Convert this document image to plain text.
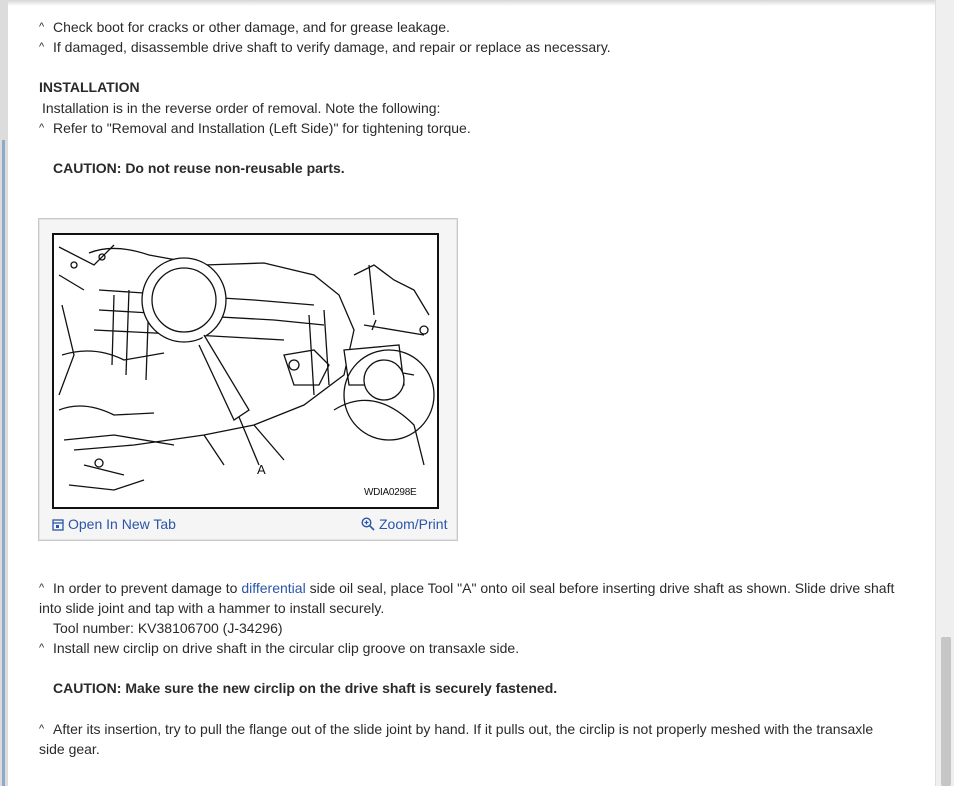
^ Check boot for cracks or other damage, and for grease leakage.
^ If damaged, disassemble drive shaft to verify damage, and repair or replace as necessary.
INSTALLATION
Installation is in the reverse order of removal. Note the following:
^ Refer to "Removal and Installation (Left Side)" for tightening torque.
CAUTION: Do not reuse non-reusable parts.
A
WDIA0298E
Open In New Tab	Zoom/Print
^ In order to prevent damage to differential side oil seal, place Tool "A" onto oil seal before inserting drive shaft as shown. Slide drive shaft
into slide joint and tap with a hammer to install securely.
Tool number: KV38106700 (J-34296)
^ Install new circlip on drive shaft in the circular clip groove on transaxle side.
CAUTION: Make sure the new circlip on the drive shaft is securely fastened.
^ After its insertion, try to pull the flange out of the slide joint by hand. If it pulls out, the circlip is not properly meshed with the transaxle
side gear.
